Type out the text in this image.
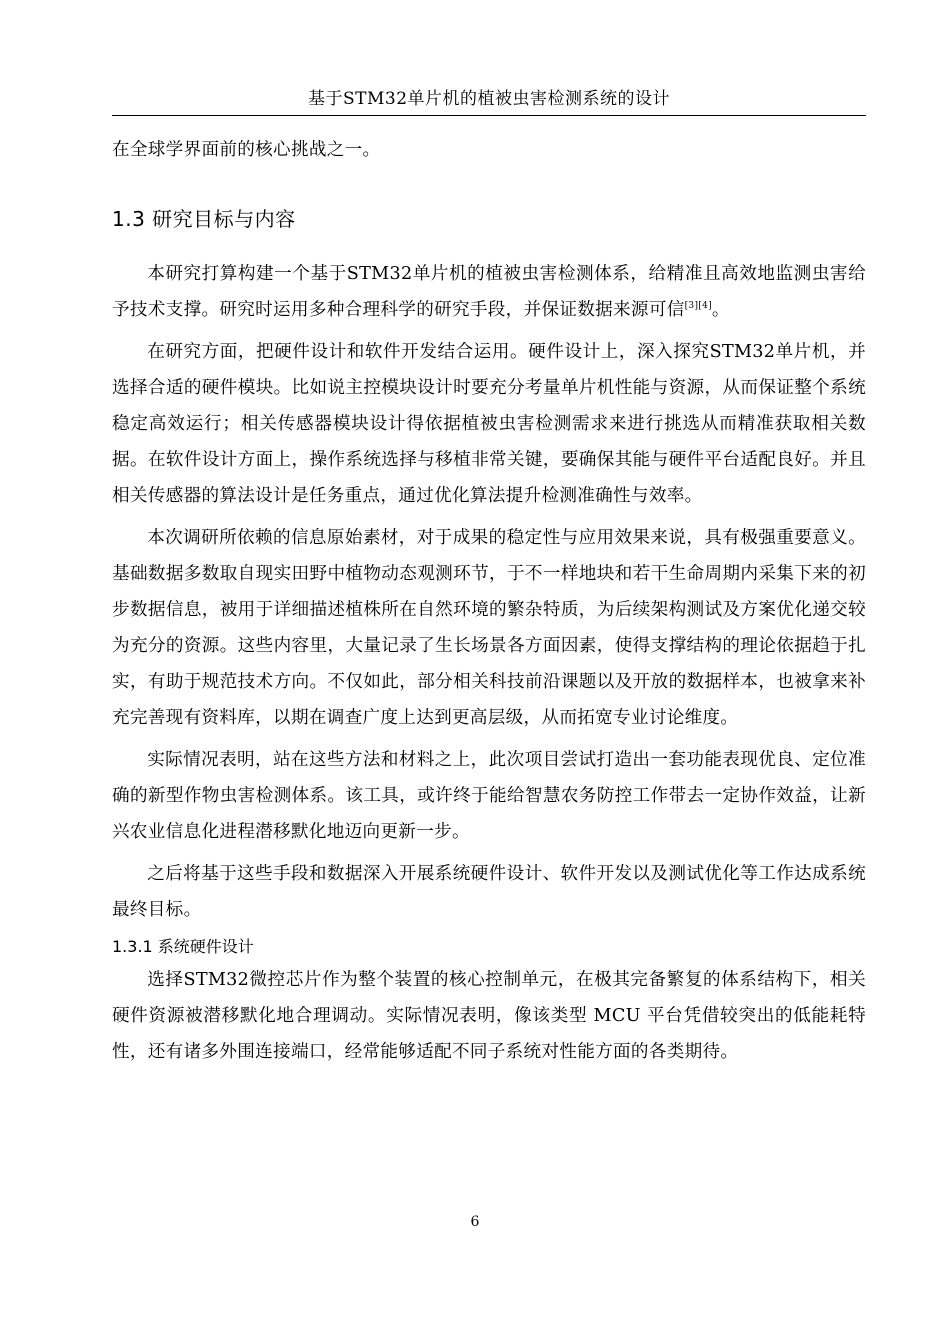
基于STM32单片机的植被虫害检测系统的设计

在全球学界面前的核心挑战之一。

1.3 研究目标与内容

本研究打算构建一个基于STM32单片机的植被虫害检测体系，给精准且高效地监测虫害给予技术支撑。研究时运用多种合理科学的研究手段，并保证数据来源可信[3][4]。

在研究方面，把硬件设计和软件开发结合运用。硬件设计上，深入探究STM32单片机，并选择合适的硬件模块。比如说主控模块设计时要充分考量单片机性能与资源，从而保证整个系统稳定高效运行；相关传感器模块设计得依据植被虫害检测需求来进行挑选从而精准获取相关数据。在软件设计方面上，操作系统选择与移植非常关键，要确保其能与硬件平台适配良好。并且相关传感器的算法设计是任务重点，通过优化算法提升检测准确性与效率。

本次调研所依赖的信息原始素材，对于成果的稳定性与应用效果来说，具有极强重要意义。基础数据多数取自现实田野中植物动态观测环节，于不一样地块和若干生命周期内采集下来的初步数据信息，被用于详细描述植株所在自然环境的繁杂特质，为后续架构测试及方案优化递交较为充分的资源。这些内容里，大量记录了生长场景各方面因素，使得支撑结构的理论依据趋于扎实，有助于规范技术方向。不仅如此，部分相关科技前沿课题以及开放的数据样本，也被拿来补充完善现有资料库，以期在调查广度上达到更高层级，从而拓宽专业讨论维度。

实际情况表明，站在这些方法和材料之上，此次项目尝试打造出一套功能表现优良、定位准确的新型作物虫害检测体系。该工具，或许终于能给智慧农务防控工作带去一定协作效益，让新兴农业信息化进程潜移默化地迈向更新一步。

之后将基于这些手段和数据深入开展系统硬件设计、软件开发以及测试优化等工作达成系统最终目标。

1.3.1 系统硬件设计

选择STM32微控芯片作为整个装置的核心控制单元，在极其完备繁复的体系结构下，相关硬件资源被潜移默化地合理调动。实际情况表明，像该类型 MCU 平台凭借较突出的低能耗特性，还有诸多外围连接端口，经常能够适配不同子系统对性能方面的各类期待。

6
